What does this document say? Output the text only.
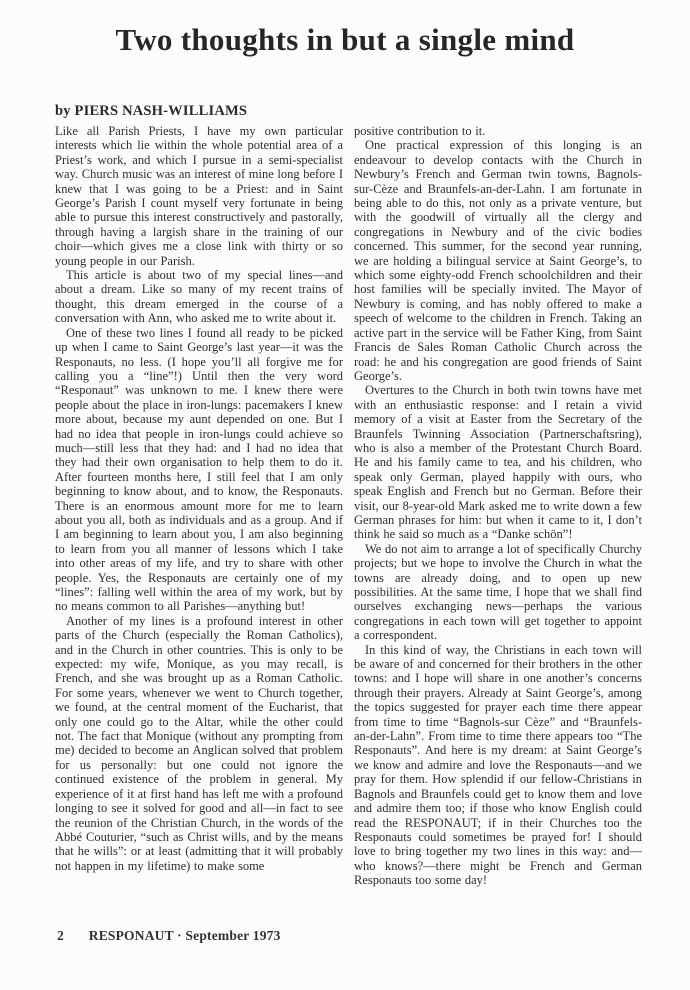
Two thoughts in but a single mind
by PIERS NASH-WILLIAMS

Like all Parish Priests, I have my own particular interests which lie within the whole potential area of a Priest’s work, and which I pursue in a semi-specialist way. Church music was an interest of mine long before I knew that I was going to be a Priest: and in Saint George’s Parish I count myself very fortunate in being able to pursue this interest constructively and pastorally, through having a largish share in the training of our choir—which gives me a close link with thirty or so young people in our Parish.

This article is about two of my special lines—and about a dream. Like so many of my recent trains of thought, this dream emerged in the course of a conversation with Ann, who asked me to write about it.

One of these two lines I found all ready to be picked up when I came to Saint George’s last year—it was the Responauts, no less. (I hope you’ll all forgive me for calling you a “line”!) Until then the very word “Responaut” was unknown to me. I knew there were people about the place in iron-lungs: pacemakers I knew more about, because my aunt depended on one. But I had no idea that people in iron-lungs could achieve so much—still less that they had: and I had no idea that they had their own organisation to help them to do it. After fourteen months here, I still feel that I am only beginning to know about, and to know, the Responauts. There is an enormous amount more for me to learn about you all, both as individuals and as a group. And if I am beginning to learn about you, I am also beginning to learn from you all manner of lessons which I take into other areas of my life, and try to share with other people. Yes, the Responauts are certainly one of my “lines”: falling well within the area of my work, but by no means common to all Parishes—anything but!

Another of my lines is a profound interest in other parts of the Church (especially the Roman Catholics), and in the Church in other countries. This is only to be expected: my wife, Monique, as you may recall, is French, and she was brought up as a Roman Catholic. For some years, whenever we went to Church together, we found, at the central moment of the Eucharist, that only one could go to the Altar, while the other could not. The fact that Monique (without any prompting from me) decided to become an Anglican solved that problem for us personally: but one could not ignore the continued existence of the problem in general. My experience of it at first hand has left me with a profound longing to see it solved for good and all—in fact to see the reunion of the Christian Church, in the words of the Abbé Couturier, “such as Christ wills, and by the means that he wills”: or at least (admitting that it will probably not happen in my lifetime) to make some

positive contribution to it.

One practical expression of this longing is an endeavour to develop contacts with the Church in Newbury’s French and German twin towns, Bagnols-sur-Cèze and Braunfels-an-der-Lahn. I am fortunate in being able to do this, not only as a private venture, but with the goodwill of virtually all the clergy and congregations in Newbury and of the civic bodies concerned. This summer, for the second year running, we are holding a bilingual service at Saint George’s, to which some eighty-odd French schoolchildren and their host families will be specially invited. The Mayor of Newbury is coming, and has nobly offered to make a speech of welcome to the children in French. Taking an active part in the service will be Father King, from Saint Francis de Sales Roman Catholic Church across the road: he and his congregation are good friends of Saint George’s.

Overtures to the Church in both twin towns have met with an enthusiastic response: and I retain a vivid memory of a visit at Easter from the Secretary of the Braunfels Twinning Association (Partnerschaftsring), who is also a member of the Protestant Church Board. He and his family came to tea, and his children, who speak only German, played happily with ours, who speak English and French but no German. Before their visit, our 8-year-old Mark asked me to write down a few German phrases for him: but when it came to it, I don’t think he said so much as a “Danke schön”!

We do not aim to arrange a lot of specifically Churchy projects; but we hope to involve the Church in what the towns are already doing, and to open up new possibilities. At the same time, I hope that we shall find ourselves exchanging news—perhaps the various congregations in each town will get together to appoint a correspondent.

In this kind of way, the Christians in each town will be aware of and concerned for their brothers in the other towns: and I hope will share in one another’s concerns through their prayers. Already at Saint George’s, among the topics suggested for prayer each time there appear from time to time “Bagnols-sur Cèze” and “Braunfels-an-der-Lahn”. From time to time there appears too “The Responauts”. And here is my dream: at Saint George’s we know and admire and love the Responauts—and we pray for them. How splendid if our fellow-Christians in Bagnols and Braunfels could get to know them and love and admire them too; if those who know English could read the RESPONAUT; if in their Churches too the Responauts could sometimes be prayed for! I should love to bring together my two lines in this way: and—who knows?—there might be French and German Responauts too some day!

2 RESPONAUT · September 1973
